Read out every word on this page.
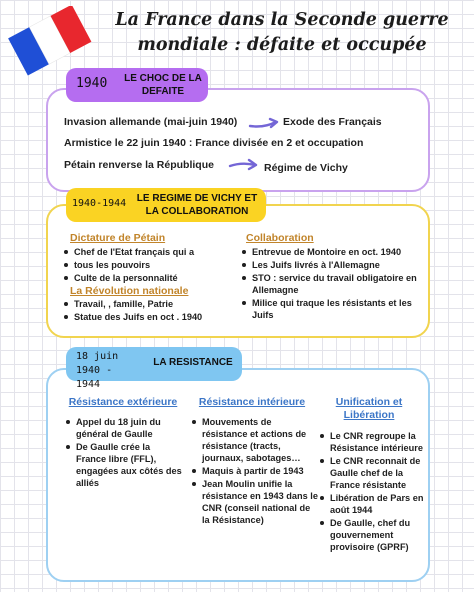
La France dans la Seconde guerre mondiale : défaite et occupée
1940 LE CHOC DE LA DEFAITE
Invasion allemande (mai-juin 1940)	Exode des Français
Armistice le 22 juin 1940 : France divisée en 2 et occupation
Pétain renverse la République	Régime de Vichy
1940-1944	LE REGIME DE VICHY ET LA COLLABORATION
Dictature de Pétain
Chef de l'Etat français qui a
tous les pouvoirs
Culte de la personnalité
La Révolution nationale
Travail, , famille, Patrie
Statue des Juifs en oct . 1940
Collaboration
Entrevue de Montoire en oct. 1940
Les Juifs livrés à l'Allemagne
STO : service du travail obligatoire en Allemagne
Milice qui traque les résistants et les Juifs
18 juin 1940 - 1944
LA RESISTANCE
Résistance extérieure
Appel du 18 juin du général de Gaulle
De Gaulle crée la France libre (FFL), engagées aux côtés des alliés
Résistance intérieure
Mouvements de résistance et actions de résistance (tracts, journaux, sabotages…
Maquis à partir de 1943
Jean Moulin unifie la résistance en 1943 dans le CNR (conseil national de la Résistance)
Unification et Libération
Le CNR regroupe la Résistance intérieure
Le CNR reconnait de Gaulle chef de la France résistante
Libération de Pars en août 1944
De Gaulle, chef du gouvernement provisoire (GPRF)
